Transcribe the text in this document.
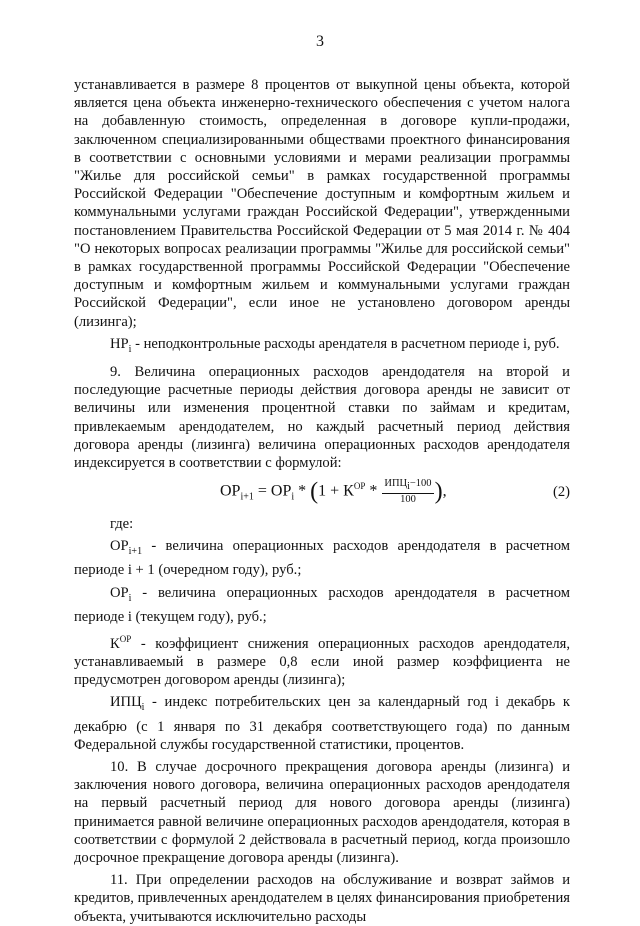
3

устанавливается в размере 8 процентов от выкупной цены объекта, которой является цена объекта инженерно-технического обеспечения с учетом налога на добавленную стоимость, определенная в договоре купли-продажи, заключенном специализированными обществами проектного финансирования в соответствии с основными условиями и мерами реализации программы "Жилье для российской семьи" в рамках государственной программы Российской Федерации "Обеспечение доступным и комфортным жильем и коммунальными услугами граждан Российской Федерации", утвержденными постановлением Правительства Российской Федерации от 5 мая 2014 г. № 404 "О некоторых вопросах реализации программы "Жилье для российской семьи" в рамках государственной программы Российской Федерации "Обеспечение доступным и комфортным жильем и коммунальными услугами граждан Российской Федерации", если иное не установлено договором аренды (лизинга);

$НР_i$ - неподконтрольные расходы арендателя в расчетном периоде i, руб.

9. Величина операционных расходов арендодателя на второй и последующие расчетные периоды действия договора аренды не зависит от величины или изменения процентной ставки по займам и кредитам, привлекаемым арендодателем, но каждый расчетный период действия договора аренды (лизинга) величина операционных расходов арендодателя индексируется в соответствии с формулой:

$ОР_{i+1} = ОР_i * (1 + К^{ОР} * \frac{ИПЦ_i-100}{100}$ ),	(2)

где:

$ОР_{i+1}$ - величина операционных расходов арендодателя в расчетном периоде i + 1 (очередном году), руб.;

$ОР_i$ - величина операционных расходов арендодателя в расчетном периоде i (текущем году), руб.;

$К^{ОР}$ - коэффициент снижения операционных расходов арендодателя, устанавливаемый в размере 0,8 если иной размер коэффициента не предусмотрен договором аренды (лизинга);

$ИПЦ_i$ - индекс потребительских цен за календарный год i декабрь к декабрю (с 1 января по 31 декабря соответствующего года) по данным Федеральной службы государственной статистики, процентов.

10. В случае досрочного прекращения договора аренды (лизинга) и заключения нового договора, величина операционных расходов арендодателя на первый расчетный период для нового договора аренды (лизинга) принимается равной величине операционных расходов арендодателя, которая в соответствии с формулой 2 действовала в расчетный период, когда произошло досрочное прекращение договора аренды (лизинга).

11. При определении расходов на обслуживание и возврат займов и кредитов, привлеченных арендодателем в целях финансирования приобретения объекта, учитываются исключительно расходы
